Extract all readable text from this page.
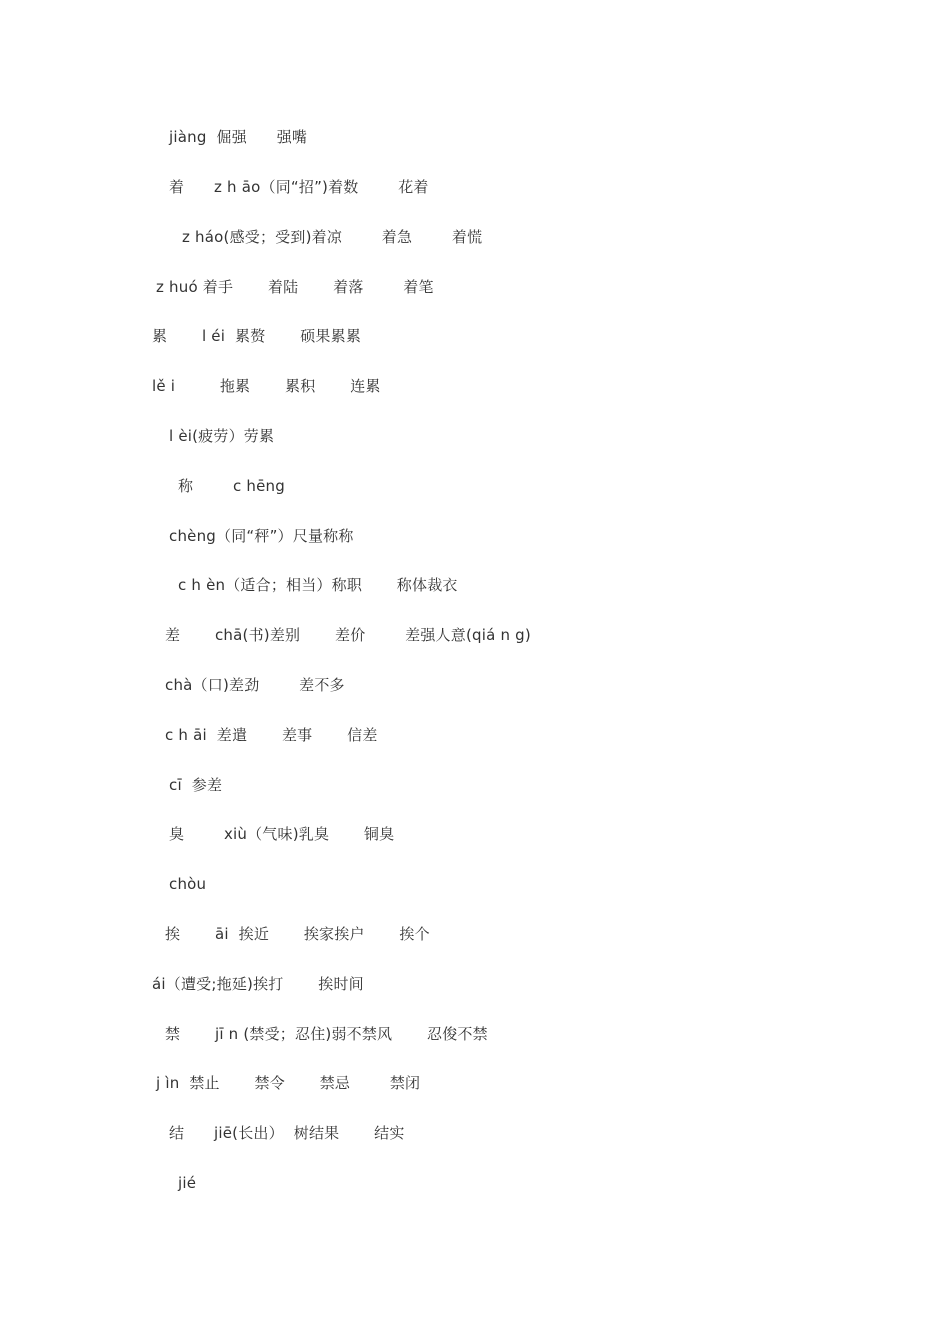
jiàng  倔强      强嘴
着      z h āo（同“招”)着数        花着
z háo(感受；受到)着凉        着急        着慌
z huó 着手       着陆       着落        着笔
累       l éi  累赘       硕果累累
lě i         拖累       累积       连累
l èi(疲劳）劳累
称        c hēng
chèng（同“秤”）尺量称称
c h èn（适合；相当）称职       称体裁衣
差       chā(书)差别       差价        差强人意(qiá n g)
chà（口)差劲        差不多
c h āi  差遣       差事       信差
cī  参差
臭        xiù（气味)乳臭       铜臭
chòu
挨       āi  挨近       挨家挨户       挨个
ái（遭受;拖延)挨打       挨时间
禁       jī n (禁受；忍住)弱不禁风       忍俊不禁
j ìn  禁止       禁令       禁忌        禁闭
结      jiē(长出）  树结果       结实
jié
